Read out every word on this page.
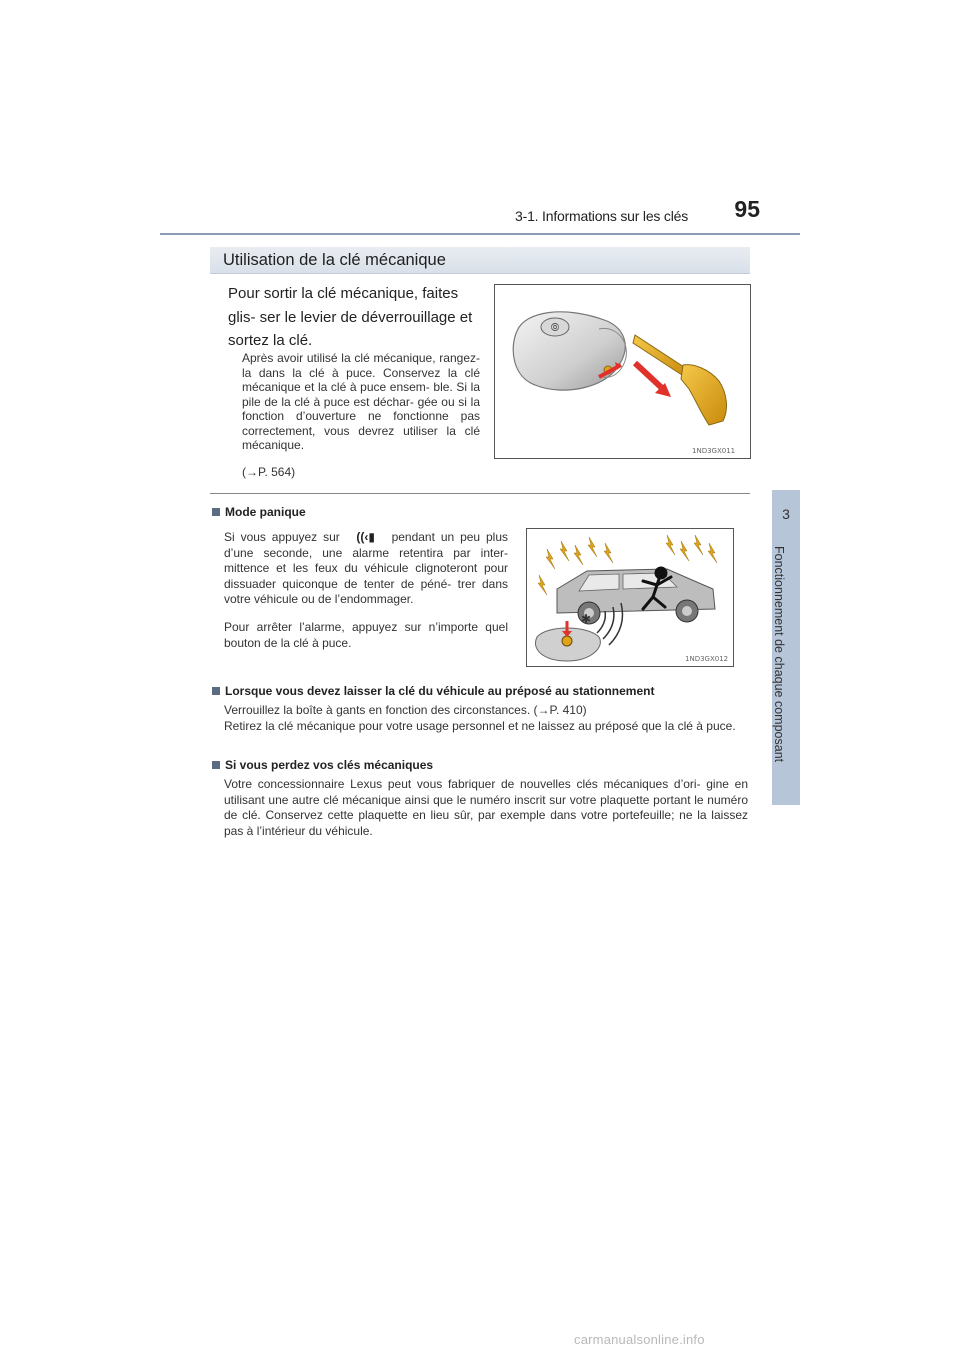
3-1. Informations sur les clés 95
3
Fonctionnement de chaque composant
Utilisation de la clé mécanique
Pour sortir la clé mécanique, faites glis- ser le levier de déverrouillage et sortez la clé.
Après avoir utilisé la clé mécanique, rangez-la dans la clé à puce. Conservez la clé mécanique et la clé à puce ensem- ble. Si la pile de la clé à puce est déchar- gée ou si la fonction d’ouverture ne fonctionne pas correctement, vous devrez utiliser la clé mécanique.
(→P. 564)
⦾
1ND3GX011
Mode panique
Si vous appuyez sur ((‹▮ pendant un peu plus d’une seconde, une alarme retentira par inter- mittence et les feux du véhicule clignoteront pour dissuader quiconque de tenter de péné- trer dans votre véhicule ou de l’endommager.
Pour arrêter l’alarme, appuyez sur n’importe quel bouton de la clé à puce.
✱
1ND3GX012
Lorsque vous devez laisser la clé du véhicule au préposé au stationnement
Verrouillez la boîte à gants en fonction des circonstances. (→P. 410)
Retirez la clé mécanique pour votre usage personnel et ne laissez au préposé que la clé à puce.
Si vous perdez vos clés mécaniques
Votre concessionnaire Lexus peut vous fabriquer de nouvelles clés mécaniques d’ori- gine en utilisant une autre clé mécanique ainsi que le numéro inscrit sur votre plaquette portant le numéro de clé. Conservez cette plaquette en lieu sûr, par exemple dans votre portefeuille; ne la laissez pas à l’intérieur du véhicule.
carmanualsonline.info
